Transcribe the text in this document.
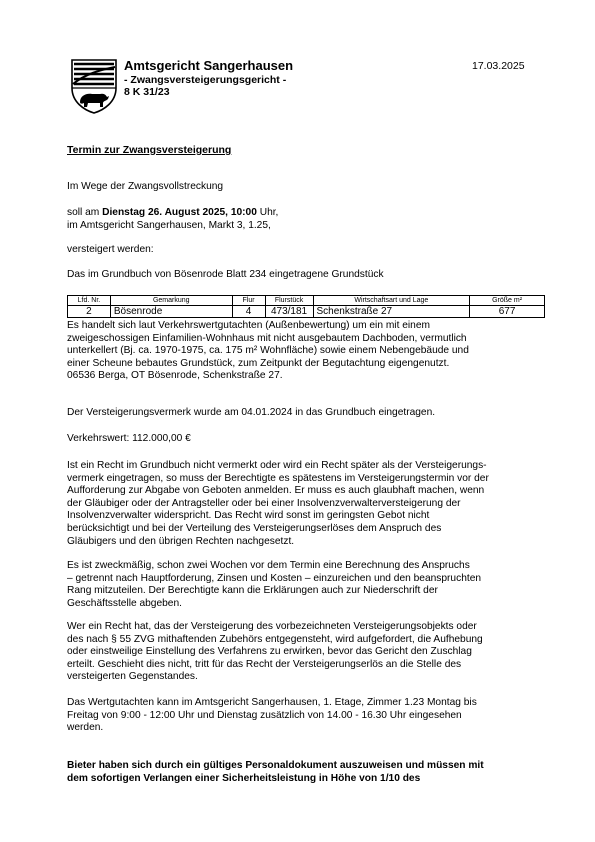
Amtsgericht Sangerhausen
- Zwangsversteigerungsgericht -
8 K 31/23
17.03.2025
Termin zur Zwangsversteigerung

Im Wege der Zwangsvollstreckung

soll am Dienstag 26. August 2025, 10:00 Uhr,

im Amtsgericht Sangerhausen, Markt 3, 1.25,

versteigert werden:

Das im Grundbuch von Bösenrode Blatt 234 eingetragene Grundstück

Lfd. Nr.	Gemarkung	Flur	Flurstück	Wirtschaftsart und Lage	Größe m²
2	Bösenrode	4	473/181	Schenkstraße 27	677
Es handelt sich laut Verkehrswertgutachten (Außenbewertung) um ein mit einem
zweigeschossigen Einfamilien-Wohnhaus mit nicht ausgebautem Dachboden, vermutlich
unterkellert (Bj. ca. 1970-1975, ca. 175 m² Wohnfläche) sowie einem Nebengebäude und
einer Scheune bebautes Grundstück, zum Zeitpunkt der Begutachtung eigengenutzt.
06536 Berga, OT Bösenrode, Schenkstraße 27.

Der Versteigerungsvermerk wurde am 04.01.2024 in das Grundbuch eingetragen.

Verkehrswert: 112.000,00 €

Ist ein Recht im Grundbuch nicht vermerkt oder wird ein Recht später als der Versteigerungs-
vermerk eingetragen, so muss der Berechtigte es spätestens im Versteigerungstermin vor der
Aufforderung zur Abgabe von Geboten anmelden. Er muss es auch glaubhaft machen, wenn
der Gläubiger oder der Antragsteller oder bei einer Insolvenzverwalterversteigerung der
Insolvenzverwalter widerspricht. Das Recht wird sonst im geringsten Gebot nicht
berücksichtigt und bei der Verteilung des Versteigerungserlöses dem Anspruch des
Gläubigers und den übrigen Rechten nachgesetzt.
Es ist zweckmäßig, schon zwei Wochen vor dem Termin eine Berechnung des Anspruchs
– getrennt nach Hauptforderung, Zinsen und Kosten – einzureichen und den beanspruchten
Rang mitzuteilen. Der Berechtigte kann die Erklärungen auch zur Niederschrift der
Geschäftsstelle abgeben.
Wer ein Recht hat, das der Versteigerung des vorbezeichneten Versteigerungsobjekts oder
des nach § 55 ZVG mithaftenden Zubehörs entgegensteht, wird aufgefordert, die Aufhebung
oder einstweilige Einstellung des Verfahrens zu erwirken, bevor das Gericht den Zuschlag
erteilt. Geschieht dies nicht, tritt für das Recht der Versteigerungserlös an die Stelle des
versteigerten Gegenstandes.
Das Wertgutachten kann im Amtsgericht Sangerhausen, 1. Etage, Zimmer 1.23 Montag bis
Freitag von 9:00 - 12:00 Uhr und Dienstag zusätzlich von 14.00 - 16.30 Uhr eingesehen
werden.
Bieter haben sich durch ein gültiges Personaldokument auszuweisen und müssen mit
dem sofortigen Verlangen einer Sicherheitsleistung in Höhe von 1/10 des
